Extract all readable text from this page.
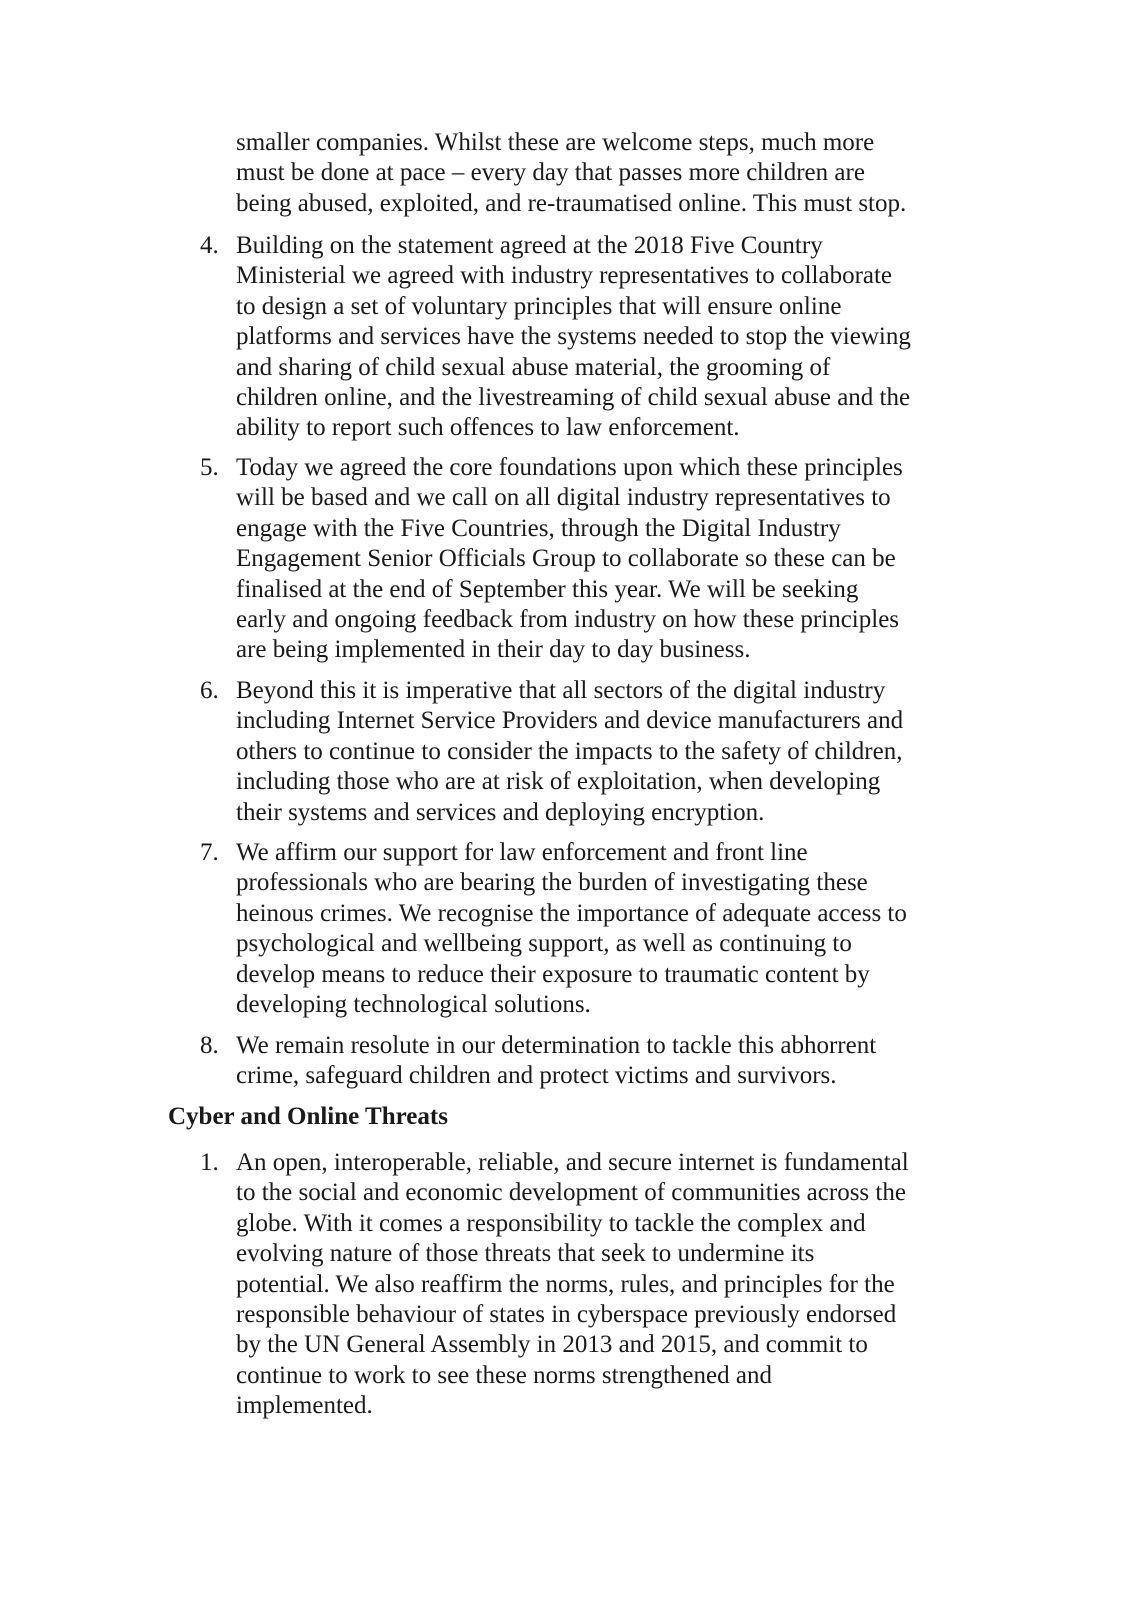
smaller companies. Whilst these are welcome steps, much more
must be done at pace – every day that passes more children are
being abused, exploited, and re-traumatised online. This must stop.
4. Building on the statement agreed at the 2018 Five Country
Ministerial we agreed with industry representatives to collaborate
to design a set of voluntary principles that will ensure online
platforms and services have the systems needed to stop the viewing
and sharing of child sexual abuse material, the grooming of
children online, and the livestreaming of child sexual abuse and the
ability to report such offences to law enforcement.
5. Today we agreed the core foundations upon which these principles
will be based and we call on all digital industry representatives to
engage with the Five Countries, through the Digital Industry
Engagement Senior Officials Group to collaborate so these can be
finalised at the end of September this year. We will be seeking
early and ongoing feedback from industry on how these principles
are being implemented in their day to day business.
6. Beyond this it is imperative that all sectors of the digital industry
including Internet Service Providers and device manufacturers and
others to continue to consider the impacts to the safety of children,
including those who are at risk of exploitation, when developing
their systems and services and deploying encryption.
7. We affirm our support for law enforcement and front line
professionals who are bearing the burden of investigating these
heinous crimes. We recognise the importance of adequate access to
psychological and wellbeing support, as well as continuing to
develop means to reduce their exposure to traumatic content by
developing technological solutions.
8. We remain resolute in our determination to tackle this abhorrent
crime, safeguard children and protect victims and survivors.
Cyber and Online Threats
1. An open, interoperable, reliable, and secure internet is fundamental
to the social and economic development of communities across the
globe. With it comes a responsibility to tackle the complex and
evolving nature of those threats that seek to undermine its
potential. We also reaffirm the norms, rules, and principles for the
responsible behaviour of states in cyberspace previously endorsed
by the UN General Assembly in 2013 and 2015, and commit to
continue to work to see these norms strengthened and
implemented.
